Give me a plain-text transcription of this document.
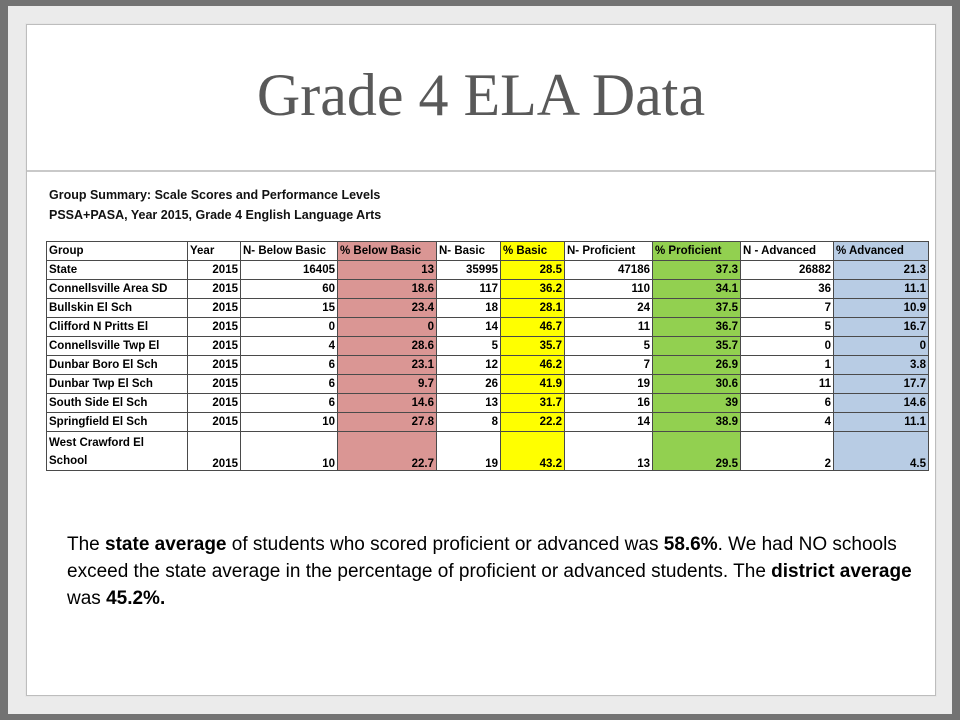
Grade 4 ELA Data
Group Summary: Scale Scores and Performance Levels
PSSA+PASA, Year 2015, Grade 4 English Language Arts
Group	Year	N- Below Basic	% Below Basic	N- Basic	% Basic	N- Proficient	% Proficient	N - Advanced	% Advanced
State	2015	16405	13	35995	28.5	47186	37.3	26882	21.3
Connellsville Area SD	2015	60	18.6	117	36.2	110	34.1	36	11.1
Bullskin El Sch	2015	15	23.4	18	28.1	24	37.5	7	10.9
Clifford N Pritts El	2015	0	0	14	46.7	11	36.7	5	16.7
Connellsville Twp El	2015	4	28.6	5	35.7	5	35.7	0	0
Dunbar Boro El Sch	2015	6	23.1	12	46.2	7	26.9	1	3.8
Dunbar Twp El Sch	2015	6	9.7	26	41.9	19	30.6	11	17.7
South Side El Sch	2015	6	14.6	13	31.7	16	39	6	14.6
Springfield El Sch	2015	10	27.8	8	22.2	14	38.9	4	11.1
West Crawford El School	2015	10	22.7	19	43.2	13	29.5	2	4.5
The state average of students who scored proficient or advanced was 58.6%. We had NO schools exceed the state average in the percentage of proficient or advanced students. The district average was 45.2%.
